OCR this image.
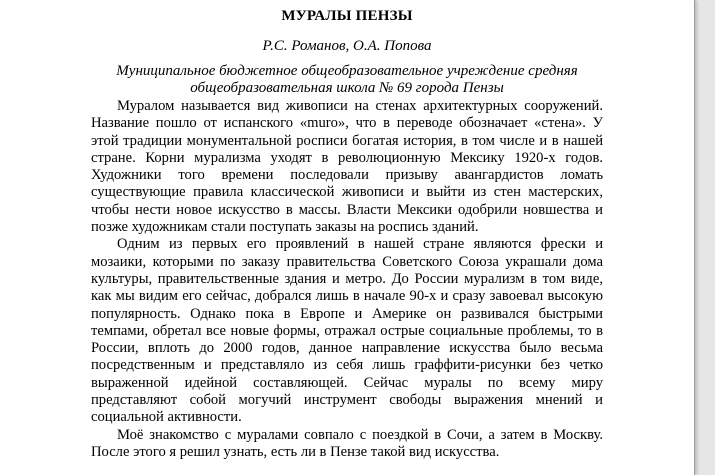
МУРАЛЫ ПЕНЗЫ
Р.С. Романов, О.А. Попова
Муниципальное бюджетное общеобразовательное учреждение средняя
общеобразовательная школа № 69 города Пензы

Муралом называется вид живописи на стенах архитектурных сооружений. Название пошло от испанского «muro», что в переводе обозначает «стена». У этой традиции монументальной росписи богатая история, в том числе и в нашей стране. Корни мурализма уходят в революционную Мексику 1920-х годов. Художники того времени последовали призыву авангардистов ломать существующие правила классической живописи и выйти из стен мастерских, чтобы нести новое искусство в массы. Власти Мексики одобрили новшества и позже художникам стали поступать заказы на роспись зданий.

Одним из первых его проявлений в нашей стране являются фрески и мозаики, которыми по заказу правительства Советского Союза украшали дома культуры, правительственные здания и метро. До России мурализм в том виде, как мы видим его сейчас, добрался лишь в начале 90-х и сразу завоевал высокую популярность. Однако пока в Европе и Америке он развивался быстрыми темпами, обретал все новые формы, отражал острые социальные проблемы, то в России, вплоть до 2000 годов, данное направление искусства было весьма посредственным и представляло из себя лишь граффити-рисунки без четко выраженной идейной составляющей. Сейчас муралы по всему миру представляют собой могучий инструмент свободы выражения мнений и социальной активности.

Моё знакомство с муралами совпало с поездкой в Сочи, а затем в Москву. После этого я решил узнать, есть ли в Пензе такой вид искусства.
